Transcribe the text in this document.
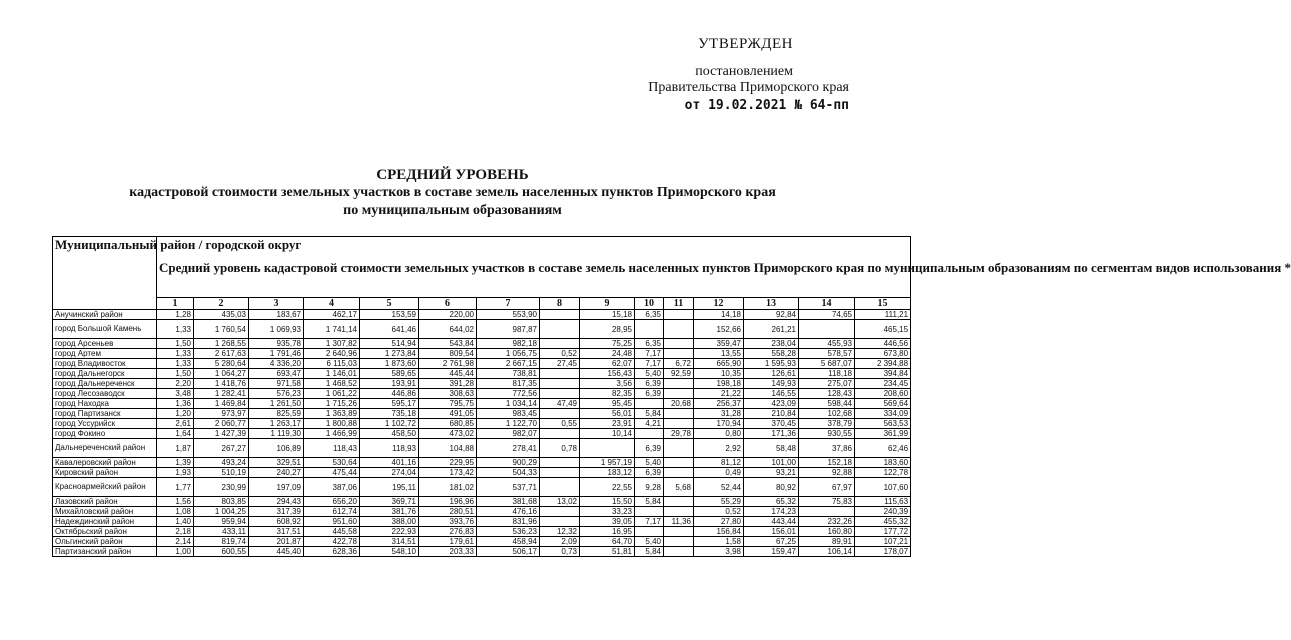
УТВЕРЖДЕН
постановлением
Правительства Приморского края
от 19.02.2021 № 64-пп
СРЕДНИЙ УРОВЕНЬ
кадастровой стоимости земельных участков в составе земель населенных пунктов Приморского края
по муниципальным образованиям
Муниципальный район / городской округ	Средний уровень кадастровой стоимости земельных участков в составе земель населенных пунктов Приморского края по муниципальным образованиям по сегментам видов использования *														
	1	2	3	4	5	6	7	8	9	10	11	12	13	14	15
Анучинский район	1,28	435,03	183,67	462,17	153,59	220,00	553,90		15,18	6,35		14,18	92,84	74,65	111,21
город Большой Камень	1,33	1 760,54	1 069,93	1 741,14	641,46	644,02	987,87		28,95			152,66	261,21		465,15
город Арсеньев	1,50	1 268,55	935,78	1 307,82	514,94	543,84	982,18		75,25	6,35		359,47	238,04	455,93	446,56
город Артем	1,33	2 617,63	1 791,46	2 640,96	1 273,84	809,54	1 056,75	0,52	24,48	7,17		13,55	558,28	578,57	673,80
город Владивосток	1,33	5 280,64	4 336,20	6 115,03	1 873,60	2 761,98	2 667,15	27,45	62,07	7,17	6,72	665,90	1 595,93	5 687,07	2 394,88
город Дальнегорск	1,50	1 064,27	693,47	1 146,01	589,65	445,44	738,81		156,43	5,40	92,59	10,35	126,61	118,18	394,84
город Дальнереченск	2,20	1 418,76	971,58	1 468,52	193,91	391,28	817,35		3,56	6,39		198,18	149,93	275,07	234,45
город Лесозаводск	3,48	1 282,41	576,23	1 061,22	446,86	308,63	772,56		82,35	6,39		21,22	146,55	128,43	208,60
город Находка	1,36	1 469,84	1 261,50	1 715,26	595,17	795,75	1 034,14	47,49	95,45		20,68	256,37	423,09	598,44	569,64
город Партизанск	1,20	973,97	825,59	1 363,89	735,18	491,05	983,45		56,01	5,84		31,28	210,84	102,68	334,09
город Уссурийск	2,61	2 060,77	1 263,17	1 800,88	1 102,72	680,85	1 122,70	0,55	23,91	4,21		170,94	370,45	378,79	563,53
город Фокино	1,64	1 427,39	1 119,30	1 466,99	458,50	473,02	982,07		10,14		29,78	0,80	171,36	930,55	361,99
Дальнереченский район	1,87	267,27	106,89	118,43	118,93	104,88	278,41	0,78		6,39		2,92	58,48	37,86	62,46
Кавалеровский район	1,39	493,24	329,51	530,64	401,16	229,95	900,29		1 957,19	5,40		81,12	101,00	152,18	183,60
Кировский район	1,93	510,19	240,27	475,44	274,04	173,42	504,33		183,12	6,39		0,49	93,21	92,88	122,78
Красноармейский район	1,77	230,99	197,09	387,06	195,11	181,02	537,71		22,55	9,28	5,68	52,44	80,92	67,97	107,60
Лазовский район	1,56	803,85	294,43	656,20	369,71	196,96	381,68	13,02	15,50	5,84		55,29	65,32	75,83	115,63
Михайловский район	1,08	1 004,25	317,39	612,74	381,76	280,51	476,16		33,23			0,52	174,23		240,39
Надеждинский район	1,40	959,94	608,92	951,60	388,00	393,76	831,96		39,05	7,17	11,36	27,80	443,44	232,26	455,32
Октябрьский район	2,18	433,11	317,51	445,58	222,93	276,83	536,23	12,32	16,95			156,84	156,01	160,80	177,72
Ольгинский район	2,14	819,74	201,87	422,78	314,51	179,61	458,94	2,09	64,70	5,40		1,58	67,25	89,91	107,21
Партизанский район	1,00	600,55	445,40	628,36	548,10	203,33	506,17	0,73	51,81	5,84		3,98	159,47	106,14	178,07
